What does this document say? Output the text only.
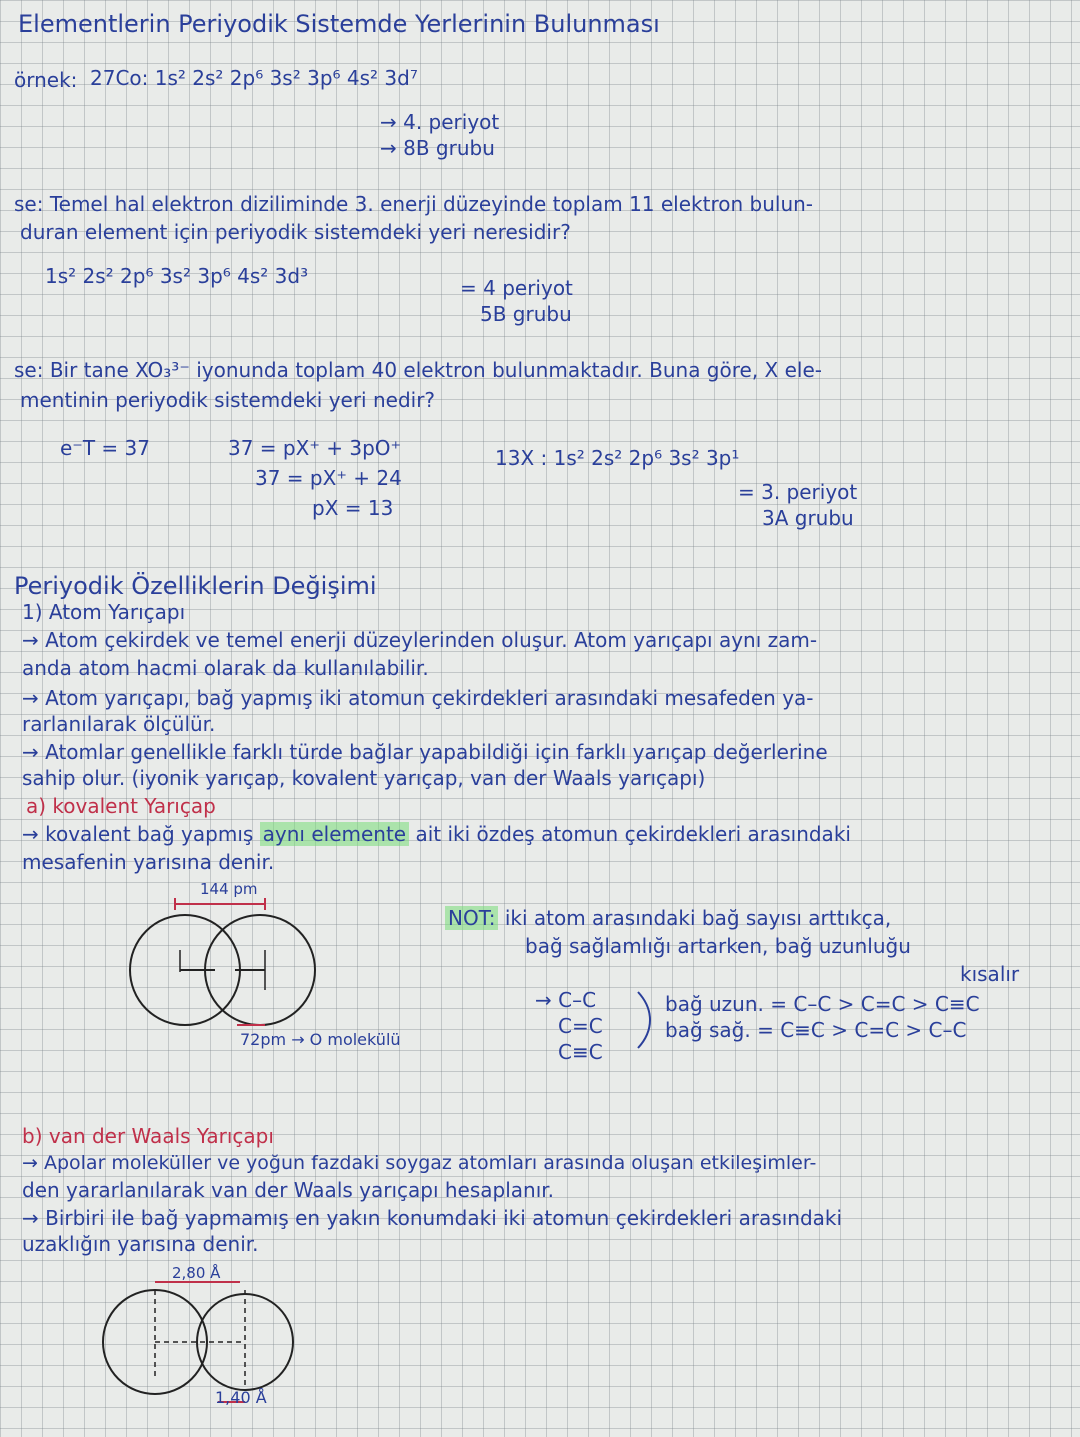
Elementlerin Periyodik Sistemde Yerlerinin Bulunması
örnek: 27Co: 1s² 2s² 2p⁶ 3s² 3p⁶ 4s² 3d⁷
→ 4. periyot
→ 8B grubu
se: Temel hal elektron diziliminde 3. enerji düzeyinde toplam 11 elektron bulun-
duran element için periyodik sistemdeki yeri neresidir?
1s² 2s² 2p⁶ 3s² 3p⁶ 4s² 3d³	= 4 periyot
5B grubu
se: Bir tane XO₃³⁻ iyonunda toplam 40 elektron bulunmaktadır. Buna göre, X ele-
mentinin periyodik sistemdeki yeri nedir?
e⁻T = 37	37 = pX⁺ + 3pO⁺
37 = pX⁺ + 24
pX = 13
13X : 1s² 2s² 2p⁶ 3s² 3p¹
= 3. periyot
3A grubu
Periyodik Özelliklerin Değişimi
1) Atom Yarıçapı
→ Atom çekirdek ve temel enerji düzeylerinden oluşur. Atom yarıçapı aynı zam-
anda atom hacmi olarak da kullanılabilir.
→ Atom yarıçapı, bağ yapmış iki atomun çekirdekleri arasındaki mesafeden ya-
rarlanılarak ölçülür.
→ Atomlar genellikle farklı türde bağlar yapabildiği için farklı yarıçap değerlerine
sahip olur. (iyonik yarıçap, kovalent yarıçap, van der Waals yarıçapı)
a) kovalent Yarıçap
→ kovalent bağ yapmış aynı elemente ait iki özdeş atomun çekirdekleri arasındaki
mesafenin yarısına denir.
144 pm
72pm → O molekülü
NOT: iki atom arasındaki bağ sayısı arttıkça,
bağ sağlamlığı artarken, bağ uzunluğu
kısalır
→ C–C
C=C
C≡C
bağ uzun. = C–C > C=C > C≡C
bağ sağ. = C≡C > C=C > C–C
b) van der Waals Yarıçapı
→ Apolar moleküller ve yoğun fazdaki soygaz atomları arasında oluşan etkileşimler-
den yararlanılarak van der Waals yarıçapı hesaplanır.
→ Birbiri ile bağ yapmamış en yakın konumdaki iki atomun çekirdekleri arasındaki
uzaklığın yarısına denir.
2,80 Å
1,40 Å
